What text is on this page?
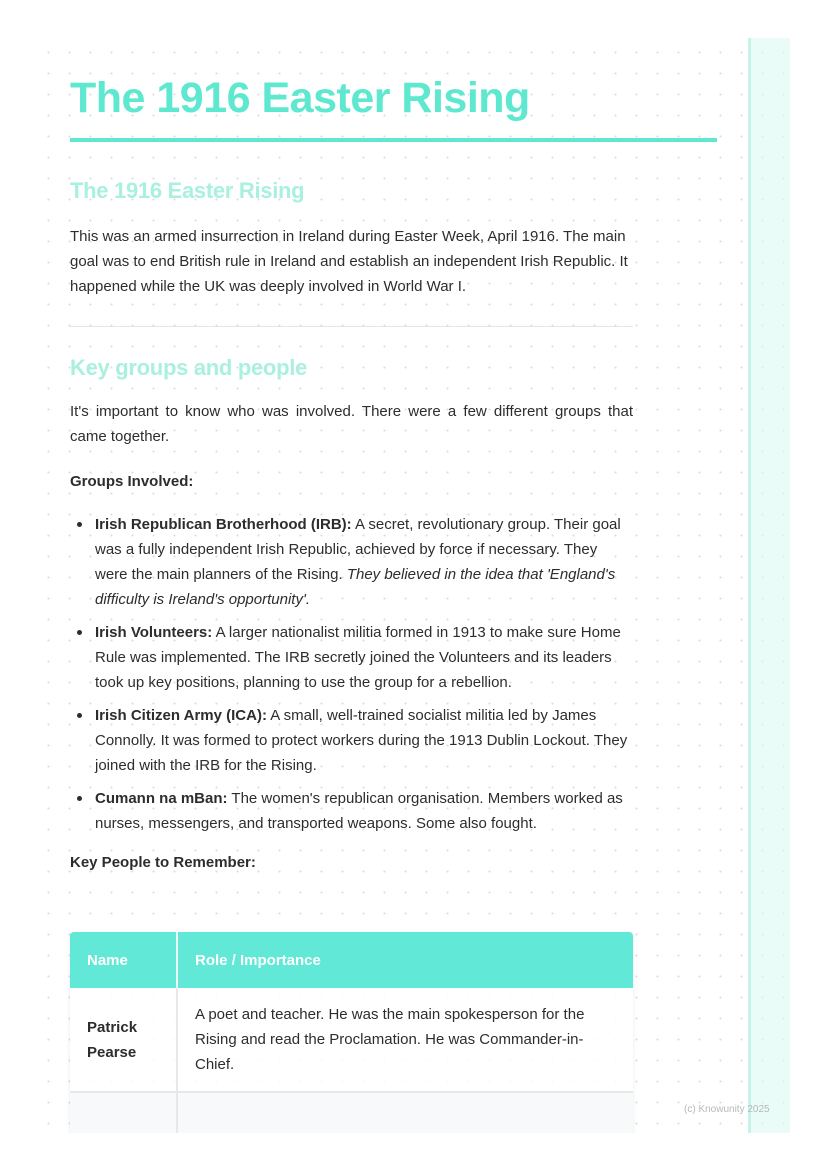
The 1916 Easter Rising
The 1916 Easter Rising

This was an armed insurrection in Ireland during Easter Week, April 1916. The main goal was to end British rule in Ireland and establish an independent Irish Republic. It happened while the UK was deeply involved in World War I.

Key groups and people

It's important to know who was involved. There were a few different groups that came together.

Groups Involved:

Irish Republican Brotherhood (IRB): A secret, revolutionary group. Their goal was a fully independent Irish Republic, achieved by force if necessary. They were the main planners of the Rising. They believed in the idea that 'England's difficulty is Ireland's opportunity'.
Irish Volunteers: A larger nationalist militia formed in 1913 to make sure Home Rule was implemented. The IRB secretly joined the Volunteers and its leaders took up key positions, planning to use the group for a rebellion.
Irish Citizen Army (ICA): A small, well-trained socialist militia led by James Connolly. It was formed to protect workers during the 1913 Dublin Lockout. They joined with the IRB for the Rising.
Cumann na mBan: The women's republican organisation. Members worked as nurses, messengers, and transported weapons. Some also fought.

Key People to Remember:

Name	Role / Importance
Patrick Pearse	A poet and teacher. He was the main spokesperson for the Rising and read the Proclamation. He was Commander-in-Chief.

(c) Knowunity 2025
